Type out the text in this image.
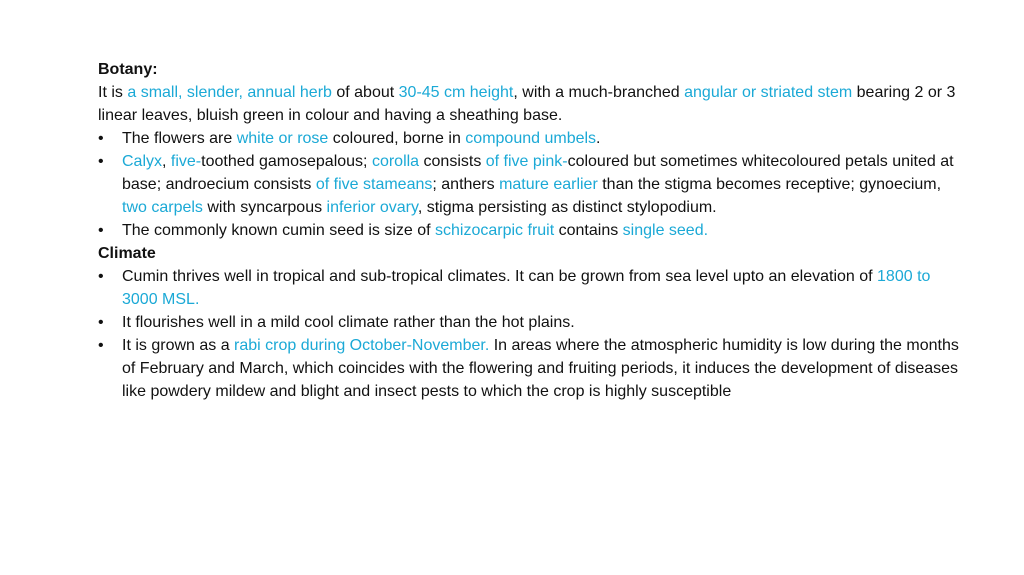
Botany:

It is a small, slender, annual herb of about 30-45 cm height, with a much-branched angular or striated stem bearing 2 or 3 linear leaves, bluish green in colour and having a sheathing base.

•	The flowers are white or rose coloured, borne in compound umbels.
•	Calyx, five-toothed gamosepalous; corolla consists of five pink-coloured but sometimes whitecoloured petals united at base; androecium consists of five stameans; anthers mature earlier than the stigma becomes receptive; gynoecium, two carpels with syncarpous inferior ovary, stigma persisting as distinct stylopodium.
•	The commonly known cumin seed is size of schizocarpic fruit contains single seed.
Climate
•	Cumin thrives well in tropical and sub-tropical climates. It can be grown from sea level upto an elevation of 1800 to 3000 MSL.
•	It flourishes well in a mild cool climate rather than the hot plains.
•	It is grown as a rabi crop during October-November. In areas where the atmospheric humidity is low during the months of February and March, which coincides with the flowering and fruiting periods, it induces the development of diseases like powdery mildew and blight and insect pests to which the crop is highly susceptible
